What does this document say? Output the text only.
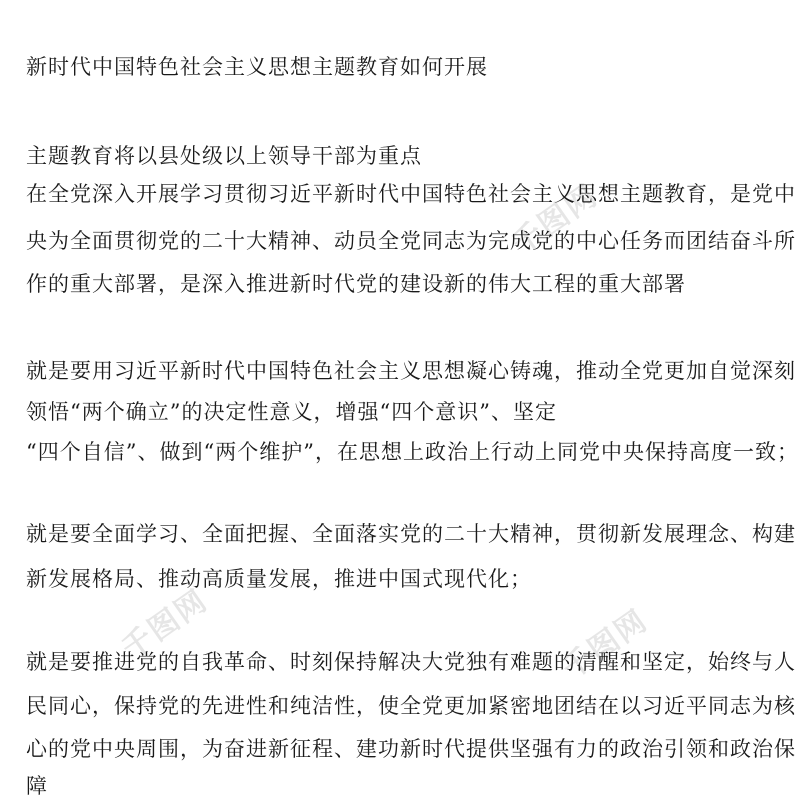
千图网
千图网	千图网
新时代中国特色社会主义思想主题教育如何开展
主题教育将以县处级以上领导干部为重点
在全党深入开展学习贯彻习近平新时代中国特色社会主义思想主题教育，是党中
央为全面贯彻党的二十大精神、动员全党同志为完成党的中心任务而团结奋斗所
作的重大部署，是深入推进新时代党的建设新的伟大工程的重大部署
就是要用习近平新时代中国特色社会主义思想凝心铸魂，推动全党更加自觉深刻
领悟“两个确立”的决定性意义，增强“四个意识”、坚定
“四个自信”、做到“两个维护”，在思想上政治上行动上同党中央保持高度一致；
就是要全面学习、全面把握、全面落实党的二十大精神，贯彻新发展理念、构建
新发展格局、推动高质量发展，推进中国式现代化；
就是要推进党的自我革命、时刻保持解决大党独有难题的清醒和坚定，始终与人
民同心，保持党的先进性和纯洁性，使全党更加紧密地团结在以习近平同志为核
心的党中央周围，为奋进新征程、建功新时代提供坚强有力的政治引领和政治保
障
